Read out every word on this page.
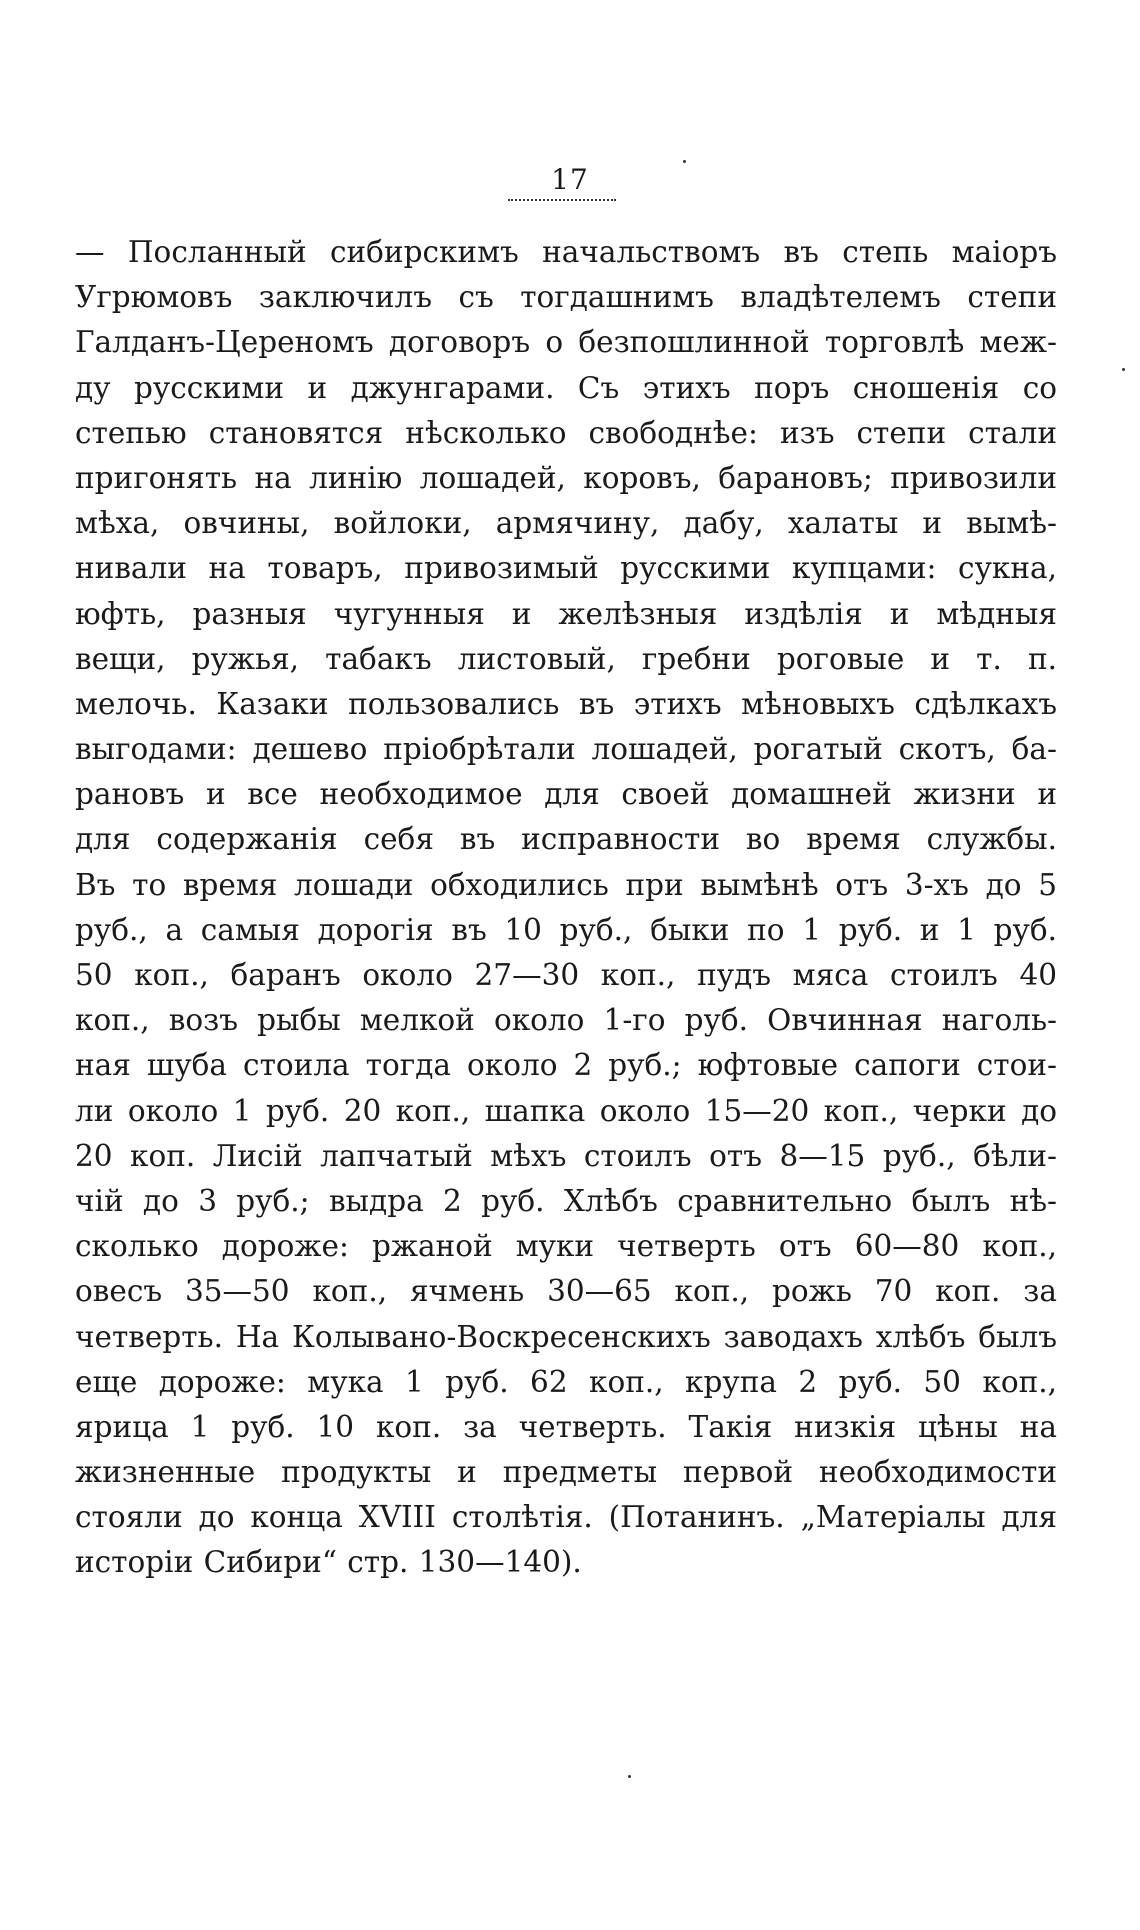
17
— Посланный сибирскимъ начальствомъ въ степь маіоръ
Угрюмовъ заключилъ съ тогдашнимъ владѣтелемъ степи
Галданъ-Цереномъ договоръ о безпошлинной торговлѣ меж-
ду русскими и джунгарами. Съ этихъ поръ сношенія со
степью становятся нѣсколько свободнѣе: изъ степи стали
пригонять на линію лошадей, коровъ, барановъ; привозили
мѣха, овчины, войлоки, армячину, дабу, халаты и вымѣ-
нивали на товаръ, привозимый русскими купцами: сукна,
юфть, разныя чугунныя и желѣзныя издѣлія и мѣдныя
вещи, ружья, табакъ листовый, гребни роговые и т. п.
мелочь. Казаки пользовались въ этихъ мѣновыхъ сдѣлкахъ
выгодами: дешево пріобрѣтали лошадей, рогатый скотъ, ба-
рановъ и все необходимое для своей домашней жизни и
для содержанія себя въ исправности во время службы.
Въ то время лошади обходились при вымѣнѣ отъ 3-хъ до 5
руб., а самыя дорогія въ 10 руб., быки по 1 руб. и 1 руб.
50 коп., баранъ около 27—30 коп., пудъ мяса стоилъ 40
коп., возъ рыбы мелкой около 1-го руб. Овчинная наголь-
ная шуба стоила тогда около 2 руб.; юфтовые сапоги стои-
ли около 1 руб. 20 коп., шапка около 15—20 коп., черки до
20 коп. Лисій лапчатый мѣхъ стоилъ отъ 8—15 руб., бѣли-
чій до 3 руб.; выдра 2 руб. Хлѣбъ сравнительно былъ нѣ-
сколько дороже: ржаной муки четверть отъ 60—80 коп.,
овесъ 35—50 коп., ячмень 30—65 коп., рожь 70 коп. за
четверть. На Колывано-Воскресенскихъ заводахъ хлѣбъ былъ
еще дороже: мука 1 руб. 62 коп., крупа 2 руб. 50 коп.,
ярица 1 руб. 10 коп. за четверть. Такія низкія цѣны на
жизненные продукты и предметы первой необходимости
стояли до конца XVIII столѣтія. (Потанинъ. „Матеріалы для
исторіи Сибири“ стр. 130—140).
